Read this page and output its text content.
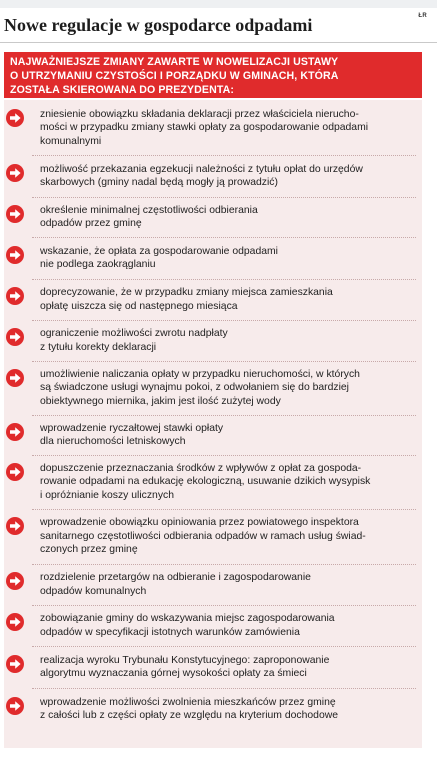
ŁR
Nowe regulacje w gospodarce odpadami
NAJWAŻNIEJSZE ZMIANY ZAWARTE W NOWELIZACJI USTAWY
O UTRZYMANIU CZYSTOŚCI I PORZĄDKU W GMINACH, KTÓRA
ZOSTAŁA SKIEROWANA DO PREZYDENTA:
zniesienie obowiązku składania deklaracji przez właściciela nierucho-
mości w przypadku zmiany stawki opłaty za gospodarowanie odpadami
komunalnymi
możliwość przekazania egzekucji należności z tytułu opłat do urzędów
skarbowych (gminy nadal będą mogły ją prowadzić)
określenie minimalnej częstotliwości odbierania
odpadów przez gminę
wskazanie, że opłata za gospodarowanie odpadami
nie podlega zaokrąglaniu
doprecyzowanie, że w przypadku zmiany miejsca zamieszkania
opłatę uiszcza się od następnego miesiąca
ograniczenie możliwości zwrotu nadpłaty
z tytułu korekty deklaracji
umożliwienie naliczania opłaty w przypadku nieruchomości, w których
są świadczone usługi wynajmu pokoi, z odwołaniem się do bardziej
obiektywnego miernika, jakim jest ilość zużytej wody
wprowadzenie ryczałtowej stawki opłaty
dla nieruchomości letniskowych
dopuszczenie przeznaczania środków z wpływów z opłat za gospoda-
rowanie odpadami na edukację ekologiczną, usuwanie dzikich wysypisk
i opróżnianie koszy ulicznych
wprowadzenie obowiązku opiniowania przez powiatowego inspektora
sanitarnego częstotliwości odbierania odpadów w ramach usług świad-
czonych przez gminę
rozdzielenie przetargów na odbieranie i zagospodarowanie
odpadów komunalnych
zobowiązanie gminy do wskazywania miejsc zagospodarowania
odpadów w specyfikacji istotnych warunków zamówienia
realizacja wyroku Trybunału Konstytucyjnego: zaproponowanie
algorytmu wyznaczania górnej wysokości opłaty za śmieci
wprowadzenie możliwości zwolnienia mieszkańców przez gminę
z całości lub z części opłaty ze względu na kryterium dochodowe
